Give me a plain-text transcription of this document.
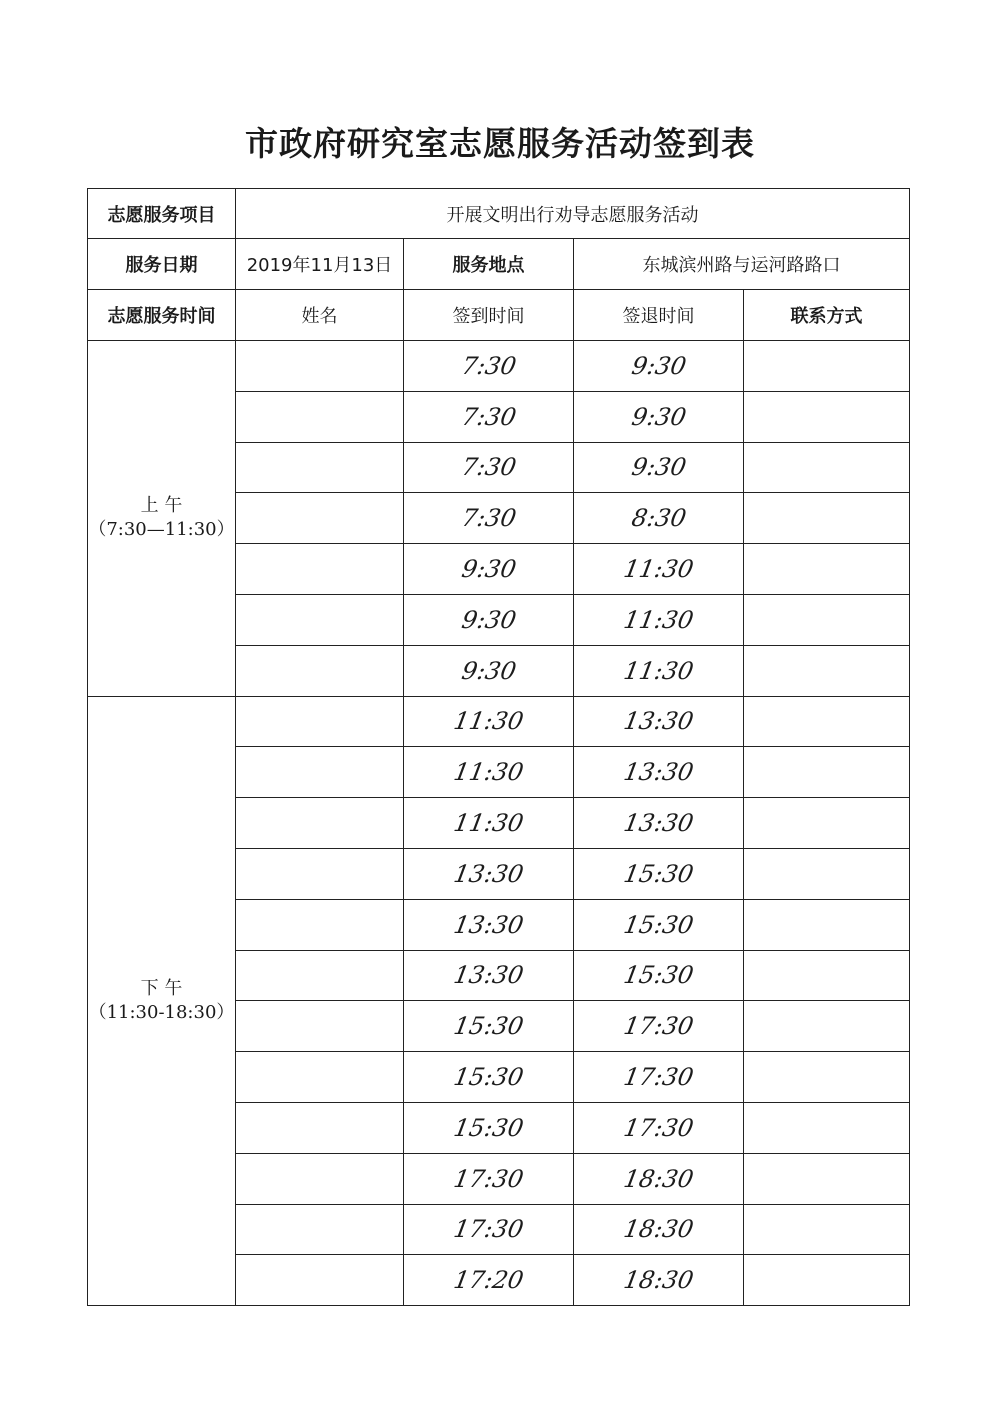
市政府研究室志愿服务活动签到表
志愿服务项目	开展文明出行劝导志愿服务活动			
服务日期	2019年11月13日	服务地点	东城滨州路与运河路路口	
志愿服务时间	姓名	签到时间	签退时间	联系方式

上 午
（7:30—11:30）		7:30	9:30	
		7:30	9:30	
		7:30	9:30	
		7:30	8:30	
		9:30	11:30	
		9:30	11:30	
		9:30	11:30	

下 午
（11:30-18:30）		11:30	13:30	
		11:30	13:30	
		11:30	13:30	
		13:30	15:30	
		13:30	15:30	
		13:30	15:30	
		15:30	17:30	
		15:30	17:30	
		15:30	17:30	
		17:30	18:30	
		17:30	18:30	
		17:20	18:30	
